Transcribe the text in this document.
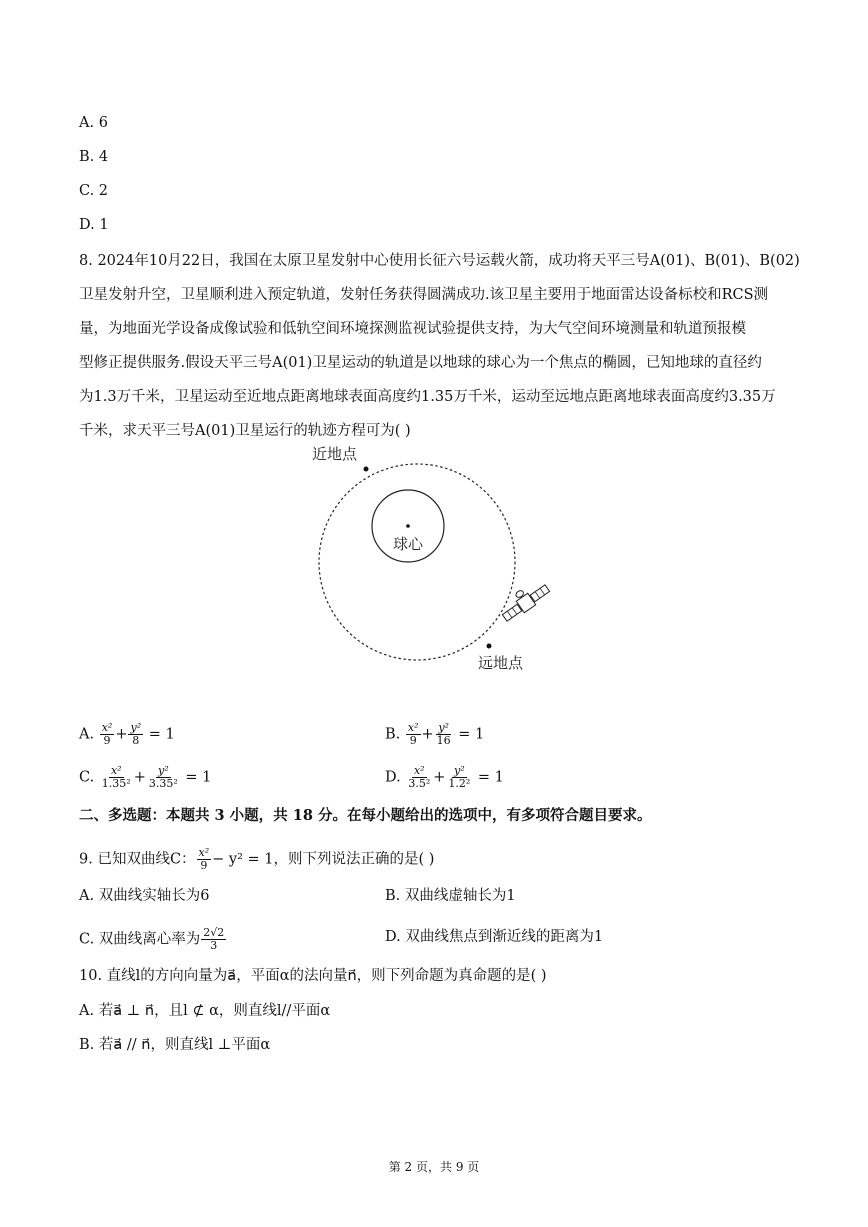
A. 6
B. 4
C. 2
D. 1
8. 2024年10月22日，我国在太原卫星发射中心使用长征六号运载火箭，成功将天平三号A(01)、B(01)、B(02)
卫星发射升空，卫星顺利进入预定轨道，发射任务获得圆满成功.该卫星主要用于地面雷达设备标校和RCS测
量，为地面光学设备成像试验和低轨空间环境探测监视试验提供支持，为大气空间环境测量和轨道预报模
型修正提供服务.假设天平三号A(01)卫星运动的轨道是以地球的球心为一个焦点的椭圆，已知地球的直径约
为1.3万千米，卫星运动至近地点距离地球表面高度约1.35万千米，运动至远地点距离地球表面高度约3.35万
千米，求天平三号A(01)卫星运行的轨迹方程可为( )
近地点
球心
远地点
A. $\frac{\text{x²}}{9} + \frac{\text{y²}}{8} = 1$	B. $\frac{\text{x²}}{9} + \frac{\text{y²}}{16} = 1$
C. $\frac{\text{x²}}{\text{1.35²}} + \frac{\text{y²}}{\text{3.35²}} = 1$	D. $\frac{\text{x²}}{\text{3.5²}} + \frac{\text{y²}}{\text{1.2²}} = 1$
二、多选题：本题共 3 小题，共 18 分。在每小题给出的选项中，有多项符合题目要求。
9. 已知双曲线C： $\frac{\text{x²}}{9} - y^2 = 1$，则下列说法正确的是( )
A. 双曲线实轴长为6	B. 双曲线虚轴长为1
C. 双曲线离心率为 $\frac{2√2}{3}$	D. 双曲线焦点到渐近线的距离为1
10. 直线l的方向向量为a⃗，平面α的法向量n⃗，则下列命题为真命题的是( )
A. 若a⃗ ⊥ n⃗，且l ⊄ α，则直线l//平面α
B. 若a⃗ // n⃗，则直线l ⊥平面α
第 2 页，共 9 页
